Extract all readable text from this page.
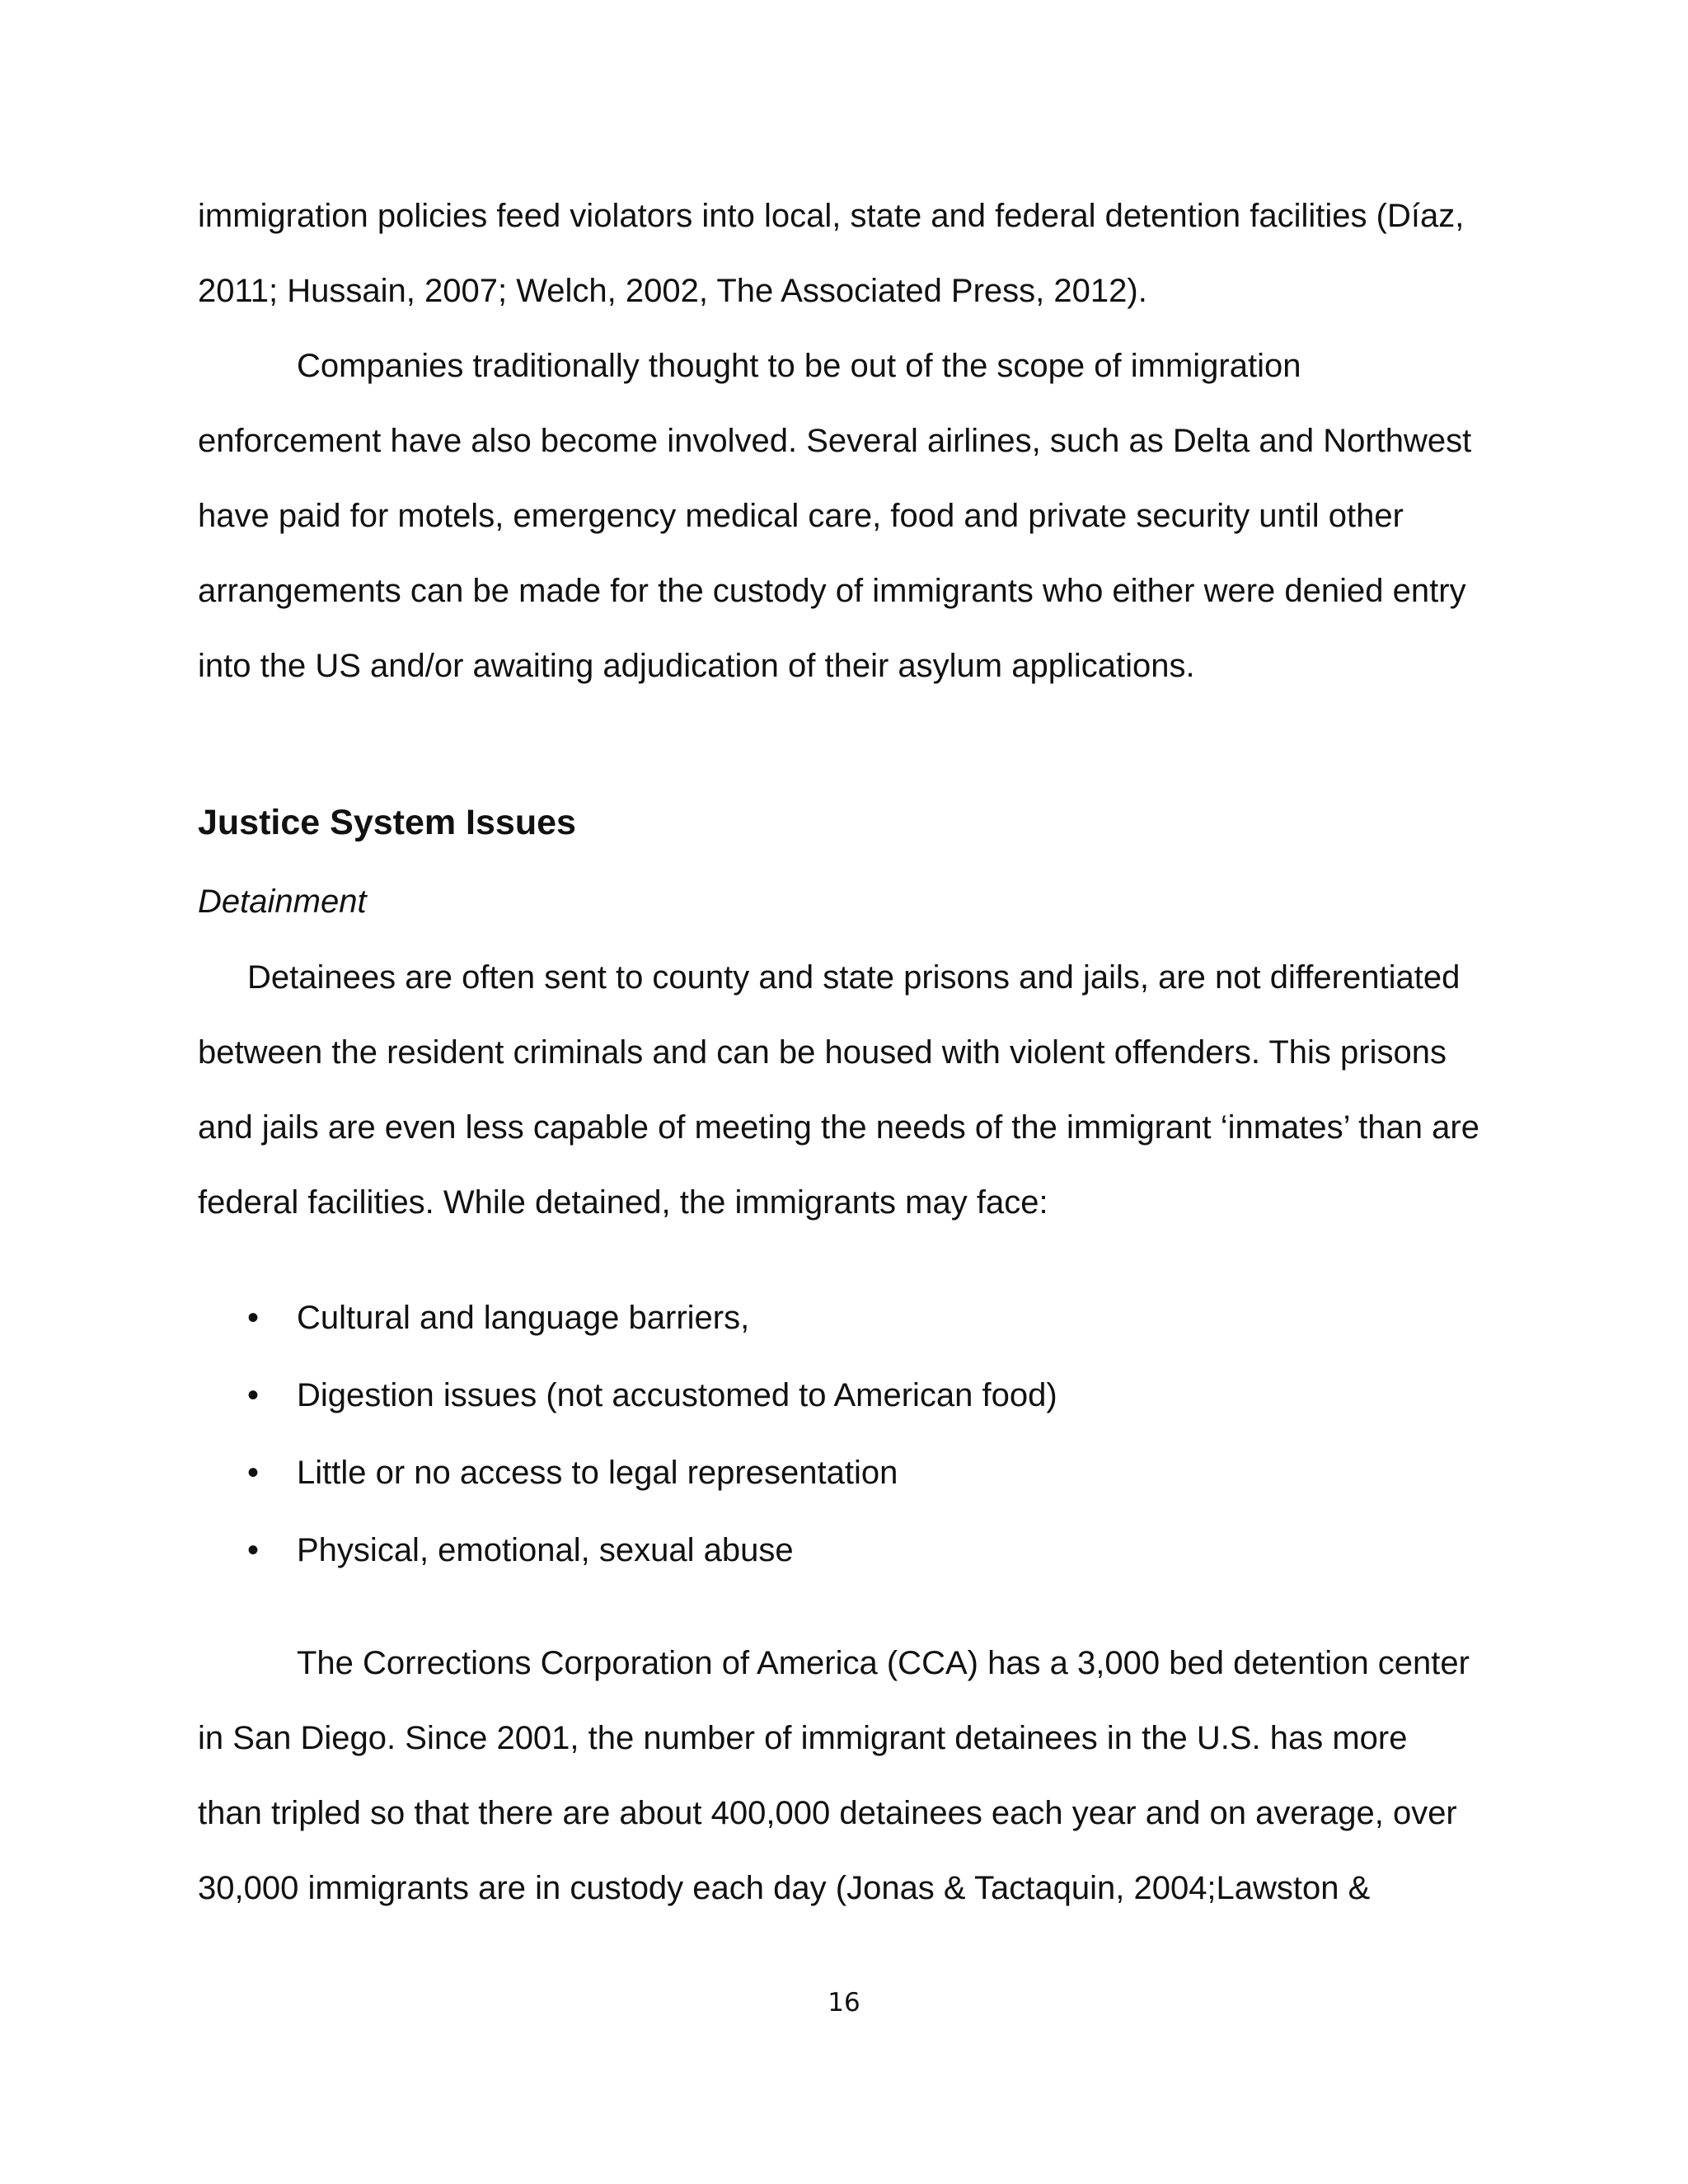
immigration policies feed violators into local, state and federal detention facilities (Díaz,
2011; Hussain, 2007; Welch, 2002, The Associated Press, 2012).
Companies traditionally thought to be out of the scope of immigration
enforcement have also become involved. Several airlines, such as Delta and Northwest
have paid for motels, emergency medical care, food and private security until other
arrangements can be made for the custody of immigrants who either were denied entry
into the US and/or awaiting adjudication of their asylum applications.
Justice System Issues
Detainment
Detainees are often sent to county and state prisons and jails, are not differentiated
between the resident criminals and can be housed with violent offenders. This prisons
and jails are even less capable of meeting the needs of the immigrant ‘inmates’ than are
federal facilities. While detained, the immigrants may face:
•	Cultural and language barriers,
•	Digestion issues (not accustomed to American food)
•	Little or no access to legal representation
•	Physical, emotional, sexual abuse
The Corrections Corporation of America (CCA) has a 3,000 bed detention center
in San Diego. Since 2001, the number of immigrant detainees in the U.S. has more
than tripled so that there are about 400,000 detainees each year and on average, over
30,000 immigrants are in custody each day (Jonas & Tactaquin, 2004;Lawston &
16
